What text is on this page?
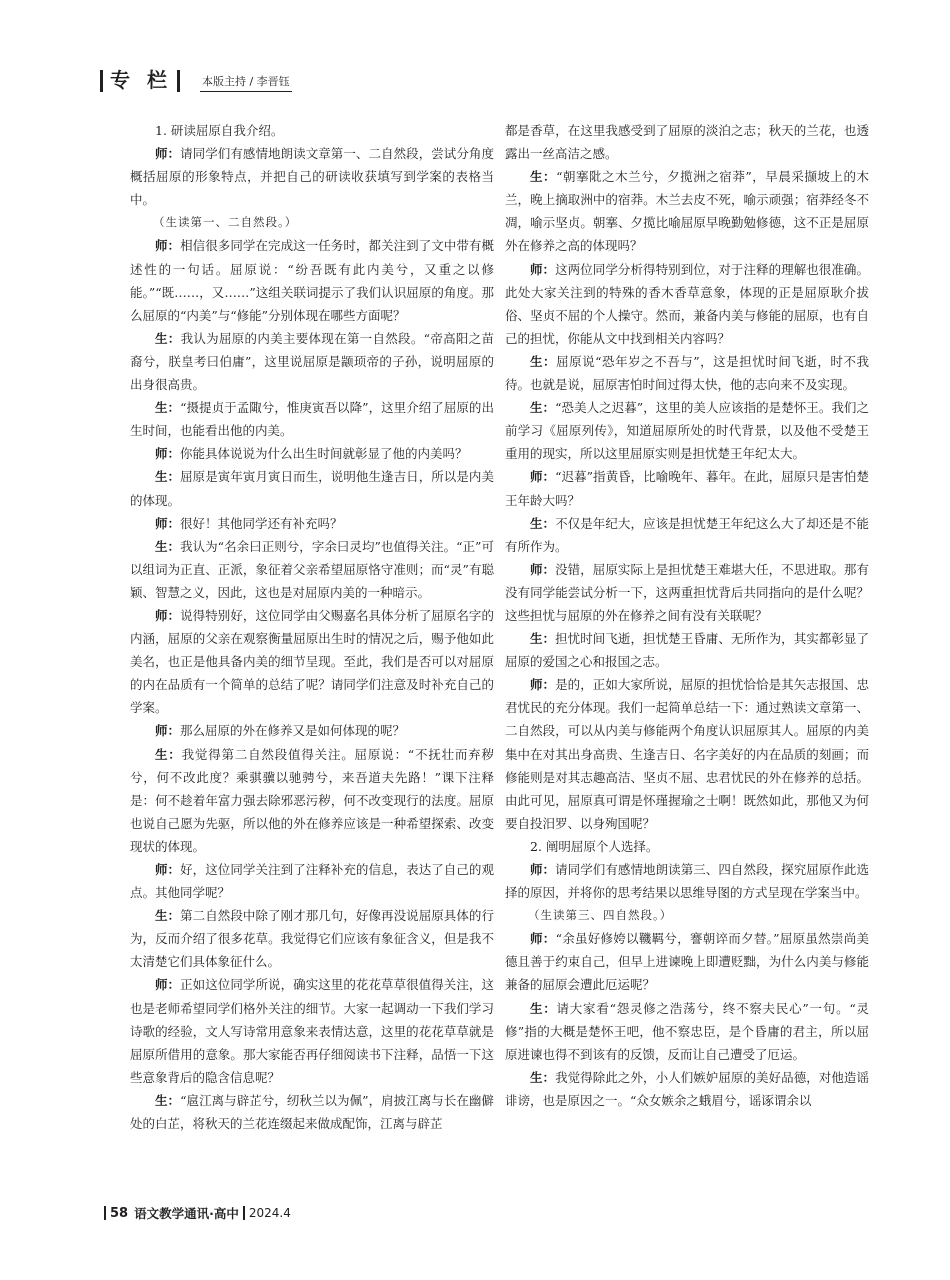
专 栏	本版主持 / 李晋钰

1. 研读屈原自我介绍。

师：请同学们有感情地朗读文章第一、二自然段，尝试分角度概括屈原的形象特点，并把自己的研读收获填写到学案的表格当中。

（生读第一、二自然段。）

师：相信很多同学在完成这一任务时，都关注到了文中带有概述性的一句话。屈原说：“纷吾既有此内美兮，又重之以修能。”“既……，又……”这组关联词提示了我们认识屈原的角度。那么屈原的“内美”与“修能”分别体现在哪些方面呢？

生：我认为屈原的内美主要体现在第一自然段。“帝高阳之苗裔兮，朕皇考曰伯庸”，这里说屈原是颛顼帝的子孙，说明屈原的出身很高贵。

生：“摄提贞于孟陬兮，惟庚寅吾以降”，这里介绍了屈原的出生时间，也能看出他的内美。

师：你能具体说说为什么出生时间就彰显了他的内美吗？

生：屈原是寅年寅月寅日而生，说明他生逢吉日，所以是内美的体现。

师：很好！其他同学还有补充吗？

生：我认为“名余曰正则兮，字余曰灵均”也值得关注。“正”可以组词为正直、正派，象征着父亲希望屈原恪守准则；而“灵”有聪颖、智慧之义，因此，这也是对屈原内美的一种暗示。

师：说得特别好，这位同学由父赐嘉名具体分析了屈原名字的内涵，屈原的父亲在观察衡量屈原出生时的情况之后，赐予他如此美名，也正是他具备内美的细节呈现。至此，我们是否可以对屈原的内在品质有一个简单的总结了呢？请同学们注意及时补充自己的学案。

师：那么屈原的外在修养又是如何体现的呢？

生：我觉得第二自然段值得关注。屈原说：“不抚壮而弃秽兮，何不改此度？乘骐骥以驰骋兮，来吾道夫先路！”课下注释是：何不趁着年富力强去除邪恶污秽，何不改变现行的法度。屈原也说自己愿为先驱，所以他的外在修养应该是一种希望探索、改变现状的体现。

师：好，这位同学关注到了注释补充的信息，表达了自己的观点。其他同学呢？

生：第二自然段中除了刚才那几句，好像再没说屈原具体的行为，反而介绍了很多花草。我觉得它们应该有象征含义，但是我不太清楚它们具体象征什么。

师：正如这位同学所说，确实这里的花花草草很值得关注，这也是老师希望同学们格外关注的细节。大家一起调动一下我们学习诗歌的经验，文人写诗常用意象来表情达意，这里的花花草草就是屈原所借用的意象。那大家能否再仔细阅读书下注释，品悟一下这些意象背后的隐含信息呢？

生：“扈江离与辟芷兮，纫秋兰以为佩”，肩披江离与长在幽僻处的白芷，将秋天的兰花连缀起来做成配饰，江离与辟芷

都是香草，在这里我感受到了屈原的淡泊之志；秋天的兰花，也透露出一丝高洁之感。

生：“朝搴阰之木兰兮，夕揽洲之宿莽”，早晨采撷坡上的木兰，晚上摘取洲中的宿莽。木兰去皮不死，喻示顽强；宿莽经冬不凋，喻示坚贞。朝搴、夕揽比喻屈原早晚勤勉修德，这不正是屈原外在修养之高的体现吗？

师：这两位同学分析得特别到位，对于注释的理解也很准确。此处大家关注到的特殊的香木香草意象，体现的正是屈原耿介拔俗、坚贞不屈的个人操守。然而，兼备内美与修能的屈原，也有自己的担忧，你能从文中找到相关内容吗？

生：屈原说“恐年岁之不吾与”，这是担忧时间飞逝，时不我待。也就是说，屈原害怕时间过得太快，他的志向来不及实现。

生：“恐美人之迟暮”，这里的美人应该指的是楚怀王。我们之前学习《屈原列传》，知道屈原所处的时代背景，以及他不受楚王重用的现实，所以这里屈原实则是担忧楚王年纪太大。

师：“迟暮”指黄昏，比喻晚年、暮年。在此，屈原只是害怕楚王年龄大吗？

生：不仅是年纪大，应该是担忧楚王年纪这么大了却还是不能有所作为。

师：没错，屈原实际上是担忧楚王难堪大任，不思进取。那有没有同学能尝试分析一下，这两重担忧背后共同指向的是什么呢？这些担忧与屈原的外在修养之间有没有关联呢？

生：担忧时间飞逝，担忧楚王昏庸、无所作为，其实都彰显了屈原的爱国之心和报国之志。

师：是的，正如大家所说，屈原的担忧恰恰是其矢志报国、忠君忧民的充分体现。我们一起简单总结一下：通过熟读文章第一、二自然段，可以从内美与修能两个角度认识屈原其人。屈原的内美集中在对其出身高贵、生逢吉日、名字美好的内在品质的刻画；而修能则是对其志趣高洁、坚贞不屈、忠君忧民的外在修养的总括。由此可见，屈原真可谓是怀瑾握瑜之士啊！既然如此，那他又为何要自投汨罗、以身殉国呢？

2. 阐明屈原个人选择。

师：请同学们有感情地朗读第三、四自然段，探究屈原作此选择的原因，并将你的思考结果以思维导图的方式呈现在学案当中。

（生读第三、四自然段。）

师：“余虽好修姱以鞿羁兮，謇朝谇而夕替。”屈原虽然崇尚美德且善于约束自己，但早上进谏晚上即遭贬黜，为什么内美与修能兼备的屈原会遭此厄运呢？

生：请大家看“怨灵修之浩荡兮，终不察夫民心”一句。“灵修”指的大概是楚怀王吧，他不察忠臣，是个昏庸的君主，所以屈原进谏也得不到该有的反馈，反而让自己遭受了厄运。

生：我觉得除此之外，小人们嫉妒屈原的美好品德，对他造谣诽谤，也是原因之一。“众女嫉余之蛾眉兮，谣诼谓余以

58 语文教学通讯·高中 2024.4
